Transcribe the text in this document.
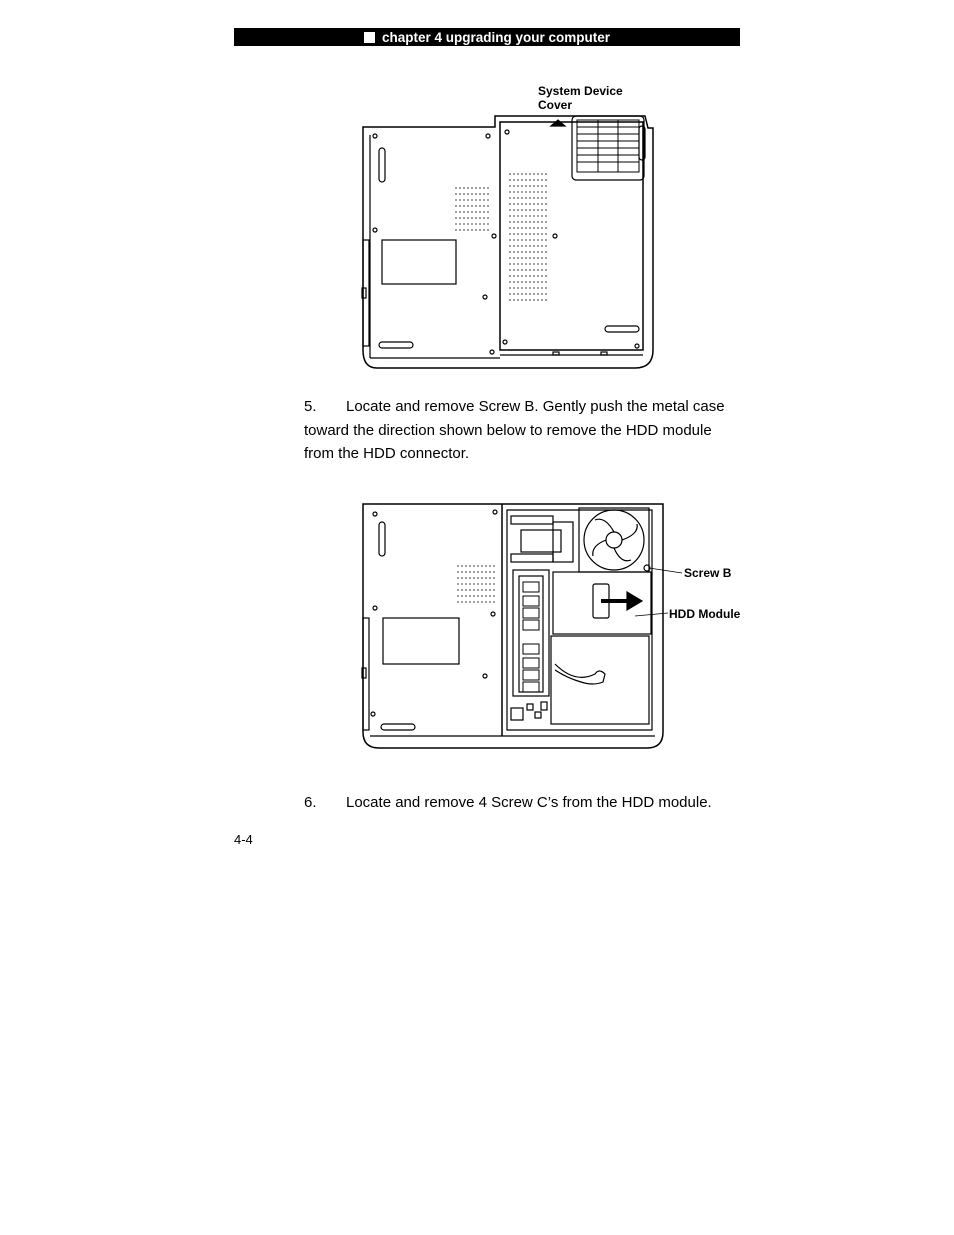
chapter 4 upgrading your computer
System Device
Cover
5. Locate and remove Screw B. Gently push the metal case
toward the direction shown below to remove the HDD module
from the HDD connector.
Screw B
HDD Module
6. Locate and remove 4 Screw C’s from the HDD module.
4-4
